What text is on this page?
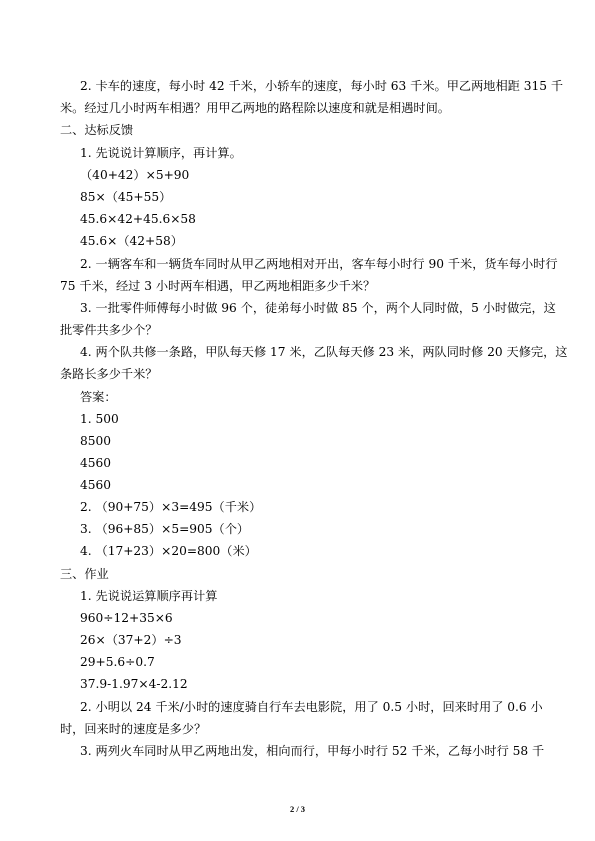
2. 卡车的速度，每小时 42 千米，小轿车的速度，每小时 63 千米。甲乙两地相距 315 千
米。经过几小时两车相遇？用甲乙两地的路程除以速度和就是相遇时间。
二、达标反馈
1. 先说说计算顺序，再计算。
（40+42）×5+90
85×（45+55）
45.6×42+45.6×58
45.6×（42+58）
2. 一辆客车和一辆货车同时从甲乙两地相对开出，客车每小时行 90 千米，货车每小时行
75 千米，经过 3 小时两车相遇，甲乙两地相距多少千米？
3. 一批零件师傅每小时做 96 个，徒弟每小时做 85 个，两个人同时做，5 小时做完，这
批零件共多少个？
4. 两个队共修一条路，甲队每天修 17 米，乙队每天修 23 米，两队同时修 20 天修完，这
条路长多少千米？
答案：
1. 500
8500
4560
4560
2. （90+75）×3=495（千米）
3. （96+85）×5=905（个）
4. （17+23）×20=800（米）
三、作业
1. 先说说运算顺序再计算
960÷12+35×6
26×（37+2）÷3
29+5.6÷0.7
37.9-1.97×4-2.12
2. 小明以 24 千米/小时的速度骑自行车去电影院，用了 0.5 小时，回来时用了 0.6 小
时，回来时的速度是多少？
3. 两列火车同时从甲乙两地出发，相向而行，甲每小时行 52 千米，乙每小时行 58 千
2 / 3
